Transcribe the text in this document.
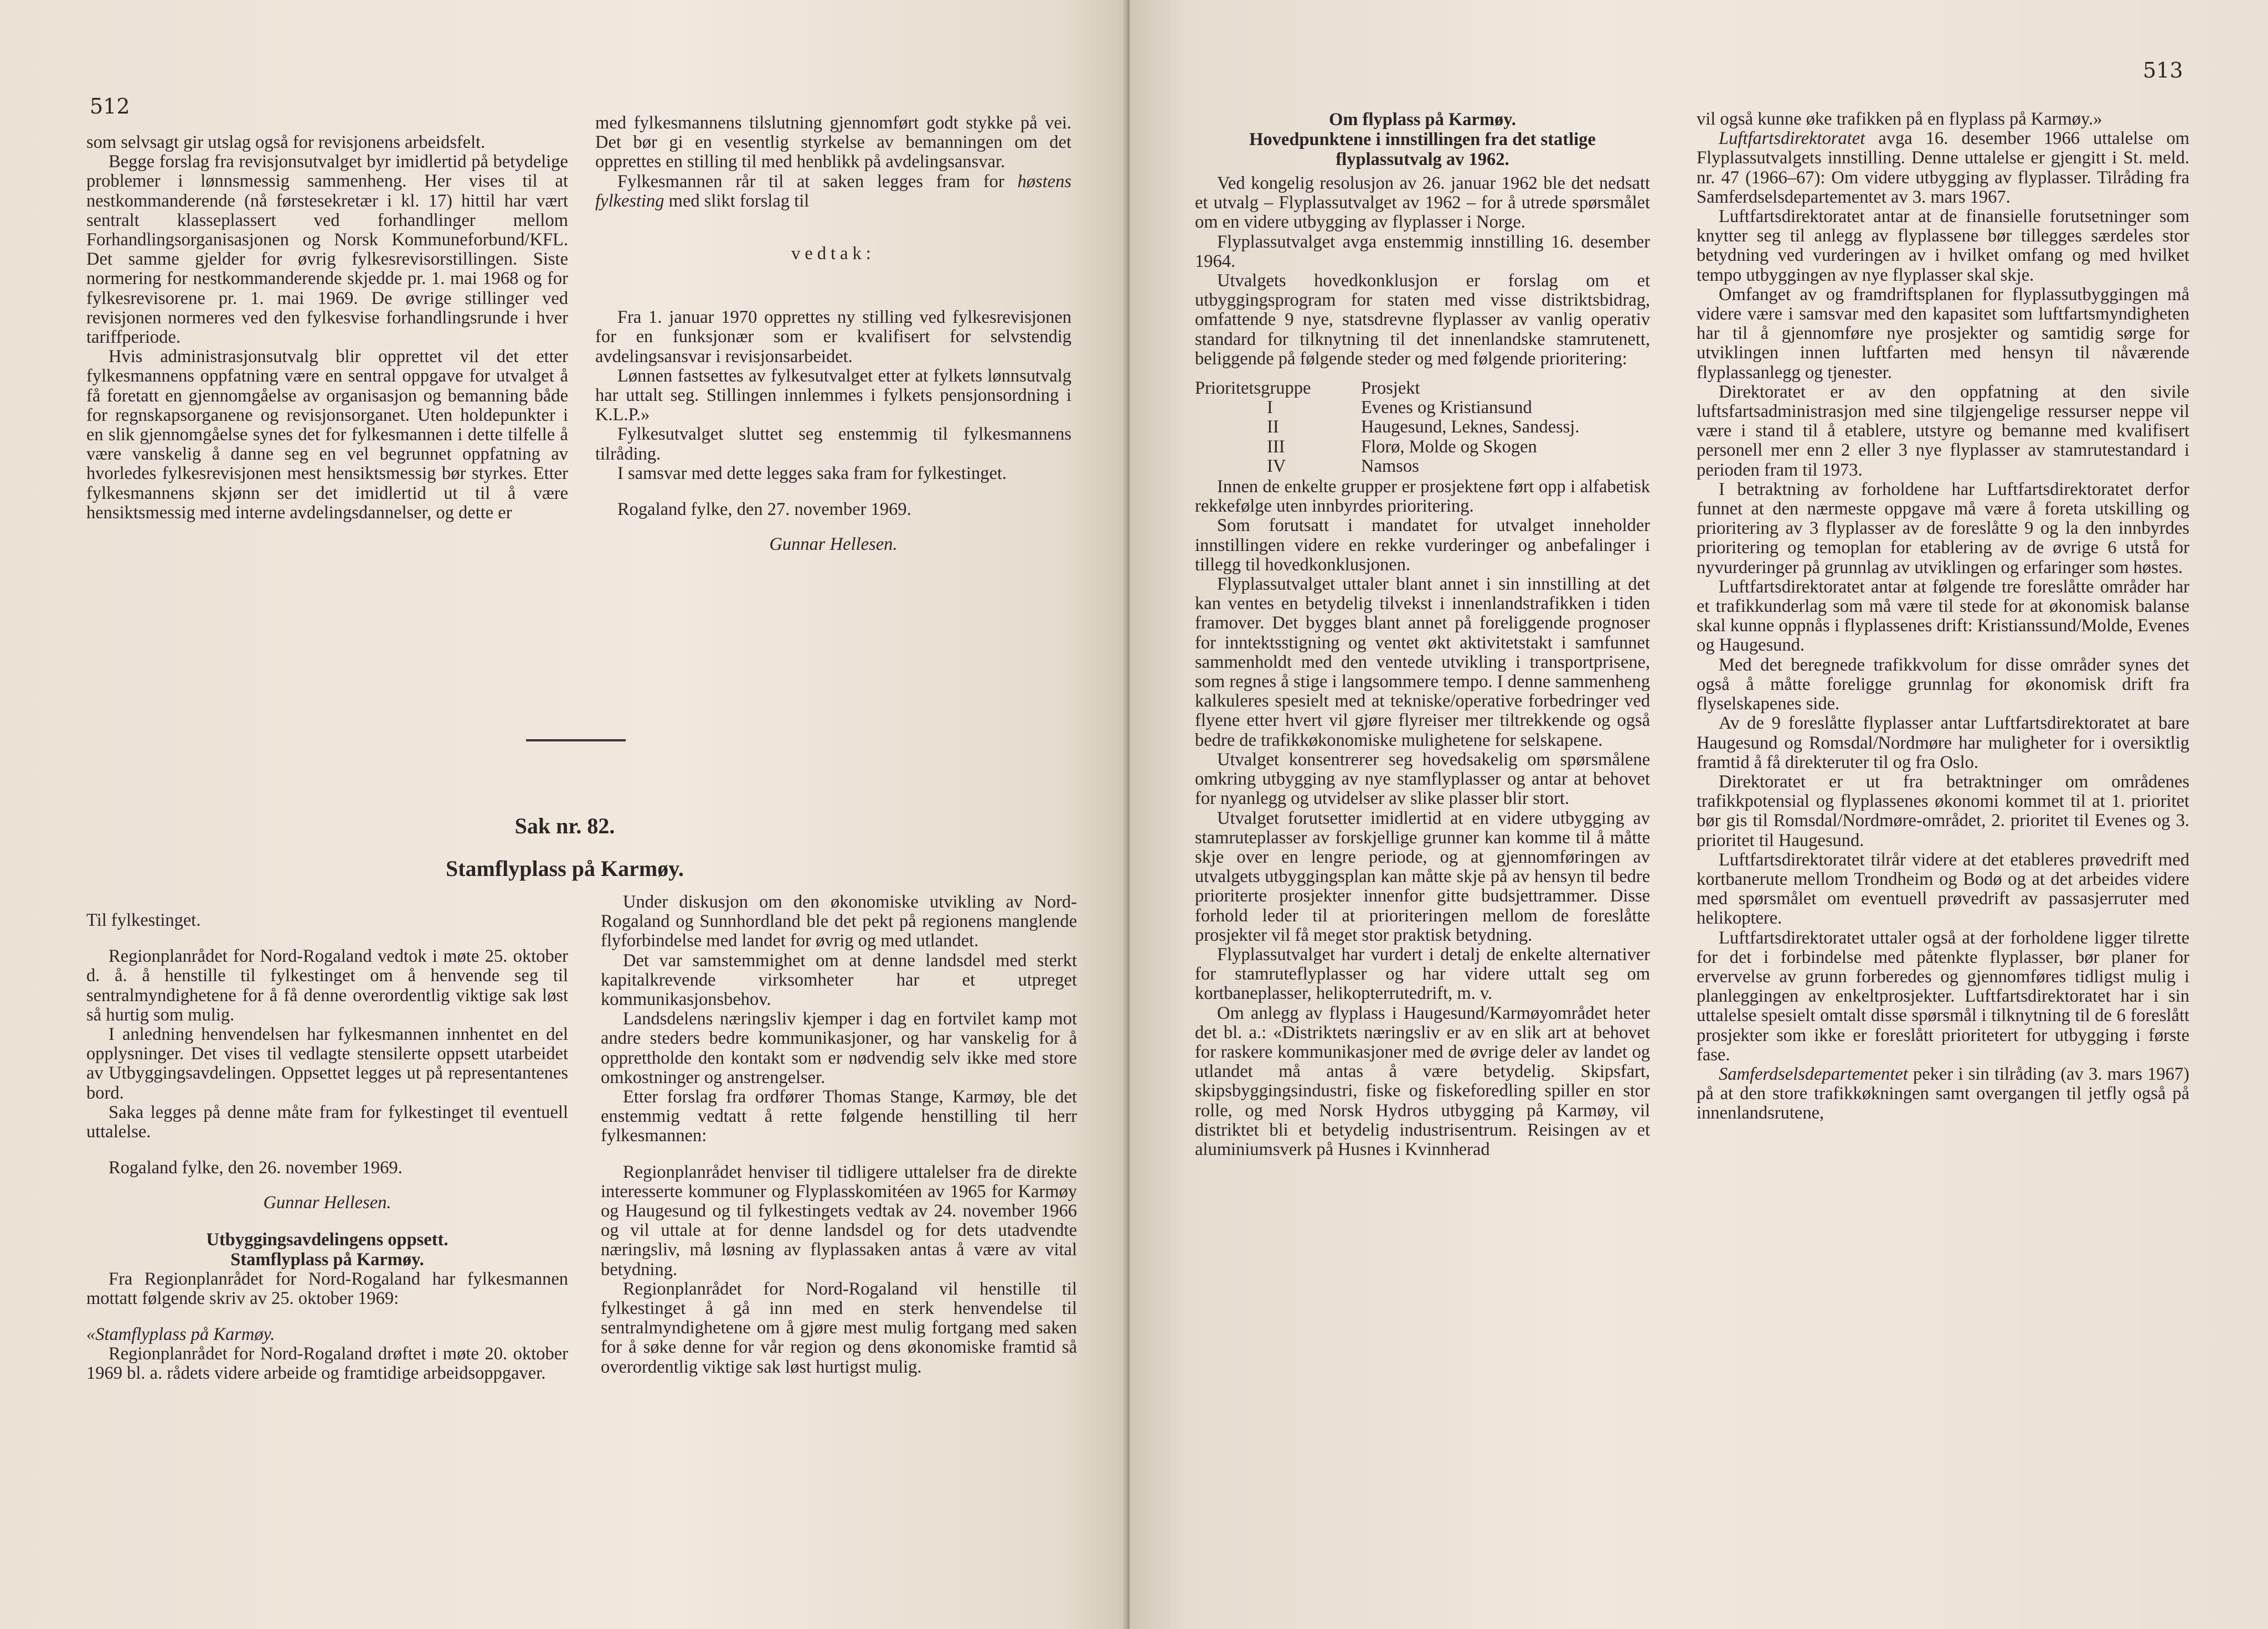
512

som selvsagt gir utslag også for revisjonens arbeidsfelt.

Begge forslag fra revisjonsutvalget byr imidlertid på betydelige problemer i lønnsmessig sammenheng. Her vises til at nestkommanderende (nå førstesekretær i kl. 17) hittil har vært sentralt klasseplassert ved forhandlinger mellom Forhandlingsorganisasjonen og Norsk Kommuneforbund/KFL. Det samme gjelder for øvrig fylkesrevisorstillingen. Siste normering for nestkommanderende skjedde pr. 1. mai 1968 og for fylkesrevisorene pr. 1. mai 1969. De øvrige stillinger ved revisjonen normeres ved den fylkesvise forhandlingsrunde i hver tariffperiode.

Hvis administrasjonsutvalg blir opprettet vil det etter fylkesmannens oppfatning være en sentral oppgave for utvalget å få foretatt en gjennomgåelse av organisasjon og bemanning både for regnskapsorganene og revisjonsorganet. Uten holdepunkter i en slik gjennomgåelse synes det for fylkesmannen i dette tilfelle å være vanskelig å danne seg en vel begrunnet oppfatning av hvorledes fylkesrevisjonen mest hensiktsmessig bør styrkes. Etter fylkesmannens skjønn ser det imidlertid ut til å være hensiktsmessig med interne avdelingsdannelser, og dette er

med fylkesmannens tilslutning gjennomført godt stykke på vei. Det bør gi en vesentlig styrkelse av bemanningen om det opprettes en stilling til med henblikk på avdelingsansvar.

Fylkesmannen rår til at saken legges fram for høstens fylkesting med slikt forslag til

vedtak:

Fra 1. januar 1970 opprettes ny stilling ved fylkesrevisjonen for en funksjonær som er kvalifisert for selvstendig avdelingsansvar i revisjonsarbeidet.

Lønnen fastsettes av fylkesutvalget etter at fylkets lønnsutvalg har uttalt seg. Stillingen innlemmes i fylkets pensjonsordning i K.L.P.»

Fylkesutvalget sluttet seg enstemmig til fylkesmannens tilråding.

I samsvar med dette legges saka fram for fylkestinget.

Rogaland fylke, den 27. november 1969.

Gunnar Hellesen.

Sak nr. 82.
Stamflyplass på Karmøy.

Til fylkestinget.

Regionplanrådet for Nord-Rogaland vedtok i møte 25. oktober d. å. å henstille til fylkestinget om å henvende seg til sentralmyndighetene for å få denne overordentlig viktige sak løst så hurtig som mulig.

I anledning henvendelsen har fylkesmannen innhentet en del opplysninger. Det vises til vedlagte stensilerte oppsett utarbeidet av Utbyggingsavdelingen. Oppsettet legges ut på representantenes bord.

Saka legges på denne måte fram for fylkestinget til eventuell uttalelse.

Rogaland fylke, den 26. november 1969.

Gunnar Hellesen.

Utbyggingsavdelingens oppsett.

Stamflyplass på Karmøy.

Fra Regionplanrådet for Nord-Rogaland har fylkesmannen mottatt følgende skriv av 25. oktober 1969:

«Stamflyplass på Karmøy.

Regionplanrådet for Nord-Rogaland drøftet i møte 20. oktober 1969 bl. a. rådets videre arbeide og framtidige arbeidsoppgaver.

Under diskusjon om den økonomiske utvikling av Nord-Rogaland og Sunnhordland ble det pekt på regionens manglende flyforbindelse med landet for øvrig og med utlandet.

Det var samstemmighet om at denne landsdel med sterkt kapitalkrevende virksomheter har et utpreget kommunikasjonsbehov.

Landsdelens næringsliv kjemper i dag en fortvilet kamp mot andre steders bedre kommunikasjoner, og har vanskelig for å opprettholde den kontakt som er nødvendig selv ikke med store omkostninger og anstrengelser.

Etter forslag fra ordfører Thomas Stange, Karmøy, ble det enstemmig vedtatt å rette følgende henstilling til herr fylkesmannen:

Regionplanrådet henviser til tidligere uttalelser fra de direkte interesserte kommuner og Flyplasskomitéen av 1965 for Karmøy og Haugesund og til fylkestingets vedtak av 24. november 1966 og vil uttale at for denne landsdel og for dets utadvendte næringsliv, må løsning av flyplassaken antas å være av vital betydning.

Regionplanrådet for Nord-Rogaland vil henstille til fylkestinget å gå inn med en sterk henvendelse til sentralmyndighetene om å gjøre mest mulig fortgang med saken for å søke denne for vår region og dens økonomiske framtid så overordentlig viktige sak løst hurtigst mulig.

513

Om flyplass på Karmøy.

Hovedpunktene i innstillingen fra det statlige flyplassutvalg av 1962.

Ved kongelig resolusjon av 26. januar 1962 ble det nedsatt et utvalg – Flyplassutvalget av 1962 – for å utrede spørsmålet om en videre utbygging av flyplasser i Norge.

Flyplassutvalget avga enstemmig innstilling 16. desember 1964.

Utvalgets hovedkonklusjon er forslag om et utbyggingsprogram for staten med visse distriktsbidrag, omfattende 9 nye, statsdrevne flyplasser av vanlig operativ standard for tilknytning til det innenlandske stamrutenett, beliggende på følgende steder og med følgende prioritering:

Prioritetsgruppe	Prosjekt
I	Evenes og Kristiansund
II	Haugesund, Leknes, Sandessj.
III	Florø, Molde og Skogen
IV	Namsos

Innen de enkelte grupper er prosjektene ført opp i alfabetisk rekkefølge uten innbyrdes prioritering.

Som forutsatt i mandatet for utvalget inneholder innstillingen videre en rekke vurderinger og anbefalinger i tillegg til hovedkonklusjonen.

Flyplassutvalget uttaler blant annet i sin innstilling at det kan ventes en betydelig tilvekst i innenlandstrafikken i tiden framover. Det bygges blant annet på foreliggende prognoser for inntektsstigning og ventet økt aktivitetstakt i samfunnet sammenholdt med den ventede utvikling i transportprisene, som regnes å stige i langsommere tempo. I denne sammenheng kalkuleres spesielt med at tekniske/operative forbedringer ved flyene etter hvert vil gjøre flyreiser mer tiltrekkende og også bedre de trafikkøkonomiske mulighetene for selskapene.

Utvalget konsentrerer seg hovedsakelig om spørsmålene omkring utbygging av nye stamflyplasser og antar at behovet for nyanlegg og utvidelser av slike plasser blir stort.

Utvalget forutsetter imidlertid at en videre utbygging av stamruteplasser av forskjellige grunner kan komme til å måtte skje over en lengre periode, og at gjennomføringen av utvalgets utbyggingsplan kan måtte skje på av hensyn til bedre prioriterte prosjekter innenfor gitte budsjettrammer. Disse forhold leder til at prioriteringen mellom de foreslåtte prosjekter vil få meget stor praktisk betydning.

Flyplassutvalget har vurdert i detalj de enkelte alternativer for stamruteflyplasser og har videre uttalt seg om kortbaneplasser, helikopterrutedrift, m. v.

Om anlegg av flyplass i Haugesund/Karmøyområdet heter det bl. a.: «Distriktets næringsliv er av en slik art at behovet for raskere kommunikasjoner med de øvrige deler av landet og utlandet må antas å være betydelig. Skipsfart, skipsbyggingsindustri, fiske og fiskeforedling spiller en stor rolle, og med Norsk Hydros utbygging på Karmøy, vil distriktet bli et betydelig industrisentrum. Reisingen av et aluminiumsverk på Husnes i Kvinnherad

vil også kunne øke trafikken på en flyplass på Karmøy.»

Luftfartsdirektoratet avga 16. desember 1966 uttalelse om Flyplassutvalgets innstilling. Denne uttalelse er gjengitt i St. meld. nr. 47 (1966–67): Om videre utbygging av flyplasser. Tilråding fra Samferdselsdepartementet av 3. mars 1967.

Luftfartsdirektoratet antar at de finansielle forutsetninger som knytter seg til anlegg av flyplassene bør tillegges særdeles stor betydning ved vurderingen av i hvilket omfang og med hvilket tempo utbyggingen av nye flyplasser skal skje.

Omfanget av og framdriftsplanen for flyplassutbyggingen må videre være i samsvar med den kapasitet som luftfartsmyndigheten har til å gjennomføre nye prosjekter og samtidig sørge for utviklingen innen luftfarten med hensyn til nåværende flyplassanlegg og tjenester.

Direktoratet er av den oppfatning at den sivile luftsfartsadministrasjon med sine tilgjengelige ressurser neppe vil være i stand til å etablere, utstyre og bemanne med kvalifisert personell mer enn 2 eller 3 nye flyplasser av stamrutestandard i perioden fram til 1973.

I betraktning av forholdene har Luftfartsdirektoratet derfor funnet at den nærmeste oppgave må være å foreta utskilling og prioritering av 3 flyplasser av de foreslåtte 9 og la den innbyrdes prioritering og temoplan for etablering av de øvrige 6 utstå for nyvurderinger på grunnlag av utviklingen og erfaringer som høstes.

Luftfartsdirektoratet antar at følgende tre foreslåtte områder har et trafikkunderlag som må være til stede for at økonomisk balanse skal kunne oppnås i flyplassenes drift: Kristianssund/Molde, Evenes og Haugesund.

Med det beregnede trafikkvolum for disse områder synes det også å måtte foreligge grunnlag for økonomisk drift fra flyselskapenes side.

Av de 9 foreslåtte flyplasser antar Luftfartsdirektoratet at bare Haugesund og Romsdal/Nordmøre har muligheter for i oversiktlig framtid å få direkteruter til og fra Oslo.

Direktoratet er ut fra betraktninger om områdenes trafikkpotensial og flyplassenes økonomi kommet til at 1. prioritet bør gis til Romsdal/Nordmøre-området, 2. prioritet til Evenes og 3. prioritet til Haugesund.

Luftfartsdirektoratet tilrår videre at det etableres prøvedrift med kortbanerute mellom Trondheim og Bodø og at det arbeides videre med spørsmålet om eventuell prøvedrift av passasjerruter med helikoptere.

Luftfartsdirektoratet uttaler også at der forholdene ligger tilrette for det i forbindelse med påtenkte flyplasser, bør planer for ervervelse av grunn forberedes og gjennomføres tidligst mulig i planleggingen av enkeltprosjekter. Luftfartsdirektoratet har i sin uttalelse spesielt omtalt disse spørsmål i tilknytning til de 6 foreslått prosjekter som ikke er foreslått prioritetert for utbygging i første fase.

Samferdselsdepartementet peker i sin tilråding (av 3. mars 1967) på at den store trafikkøkningen samt overgangen til jetfly også på innenlandsrutene,
